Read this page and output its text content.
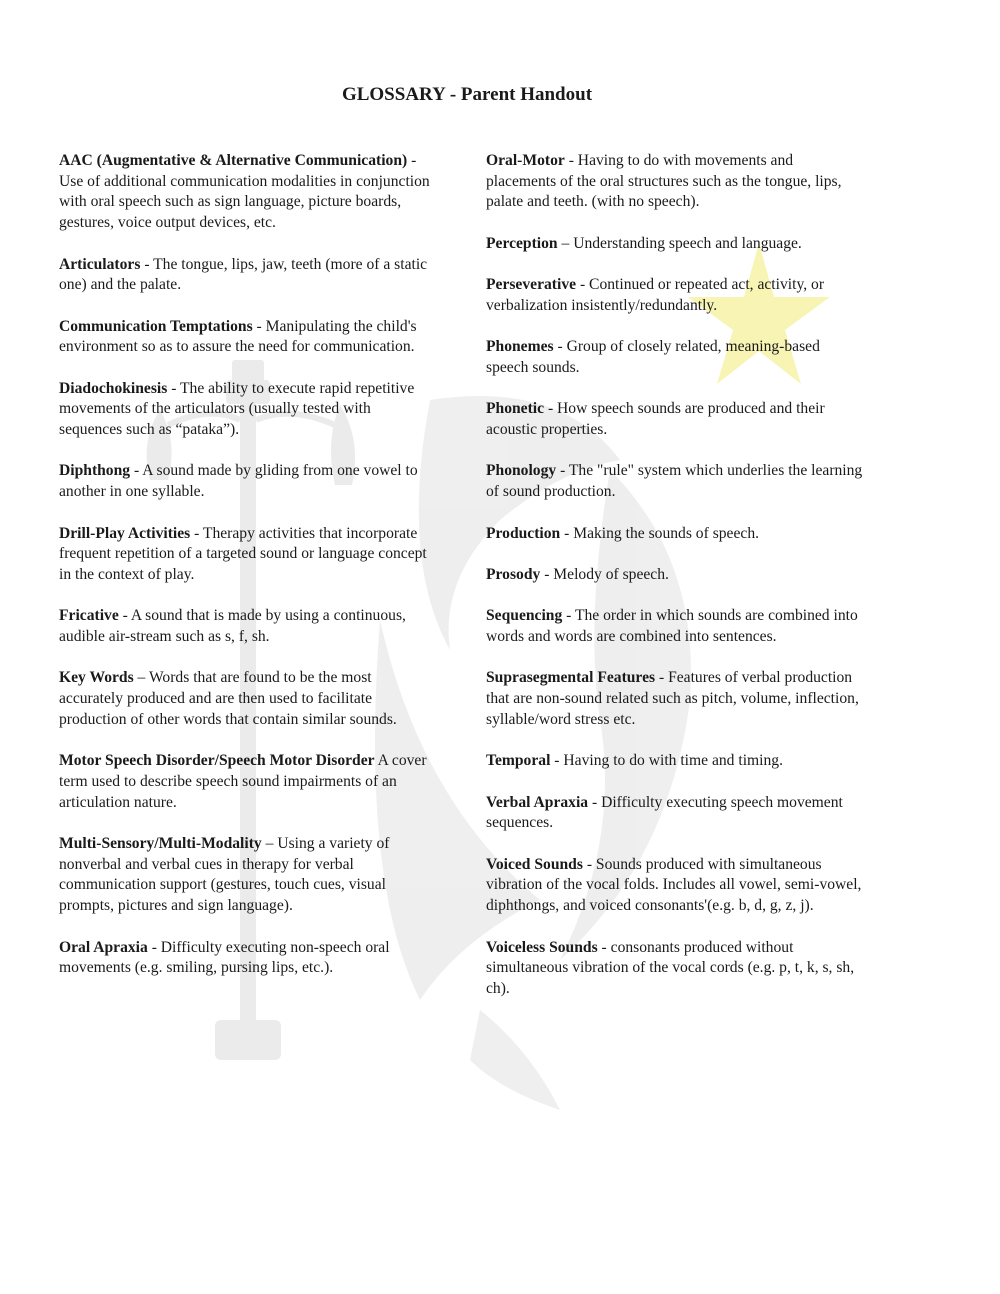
GLOSSARY - Parent Handout

AAC (Augmentative & Alternative Communication) - Use of additional communication modalities in conjunction with oral speech such as sign language, picture boards, gestures, voice output devices, etc.

Articulators - The tongue, lips, jaw, teeth (more of a static one) and the palate.

Communication Temptations - Manipulating the child's environment so as to assure the need for communication.

Diadochokinesis - The ability to execute rapid repetitive movements of the articulators (usually tested with sequences such as “pataka”).

Diphthong - A sound made by gliding from one vowel to another in one syllable.

Drill-Play Activities - Therapy activities that incorporate frequent repetition of a targeted sound or language concept in the context of play.

Fricative - A sound that is made by using a continuous, audible air-stream such as s, f, sh.

Key Words – Words that are found to be the most accurately produced and are then used to facilitate production of other words that contain similar sounds.

Motor Speech Disorder/Speech Motor Disorder A cover term used to describe speech sound impairments of an articulation nature.

Multi-Sensory/Multi-Modality – Using a variety of nonverbal and verbal cues in therapy for verbal communication support (gestures, touch cues, visual prompts, pictures and sign language).

Oral Apraxia - Difficulty executing non-speech oral movements (e.g. smiling, pursing lips, etc.).

Oral-Motor - Having to do with movements and placements of the oral structures such as the tongue, lips, palate and teeth. (with no speech).

Perception – Understanding speech and language.

Perseverative - Continued or repeated act, activity, or verbalization insistently/redundantly.

Phonemes - Group of closely related, meaning-based speech sounds.

Phonetic - How speech sounds are produced and their acoustic properties.

Phonology - The "rule" system which underlies the learning of sound production.

Production - Making the sounds of speech.

Prosody - Melody of speech.

Sequencing - The order in which sounds are combined into words and words are combined into sentences.

Suprasegmental Features - Features of verbal production that are non-sound related such as pitch, volume, inflection, syllable/word stress etc.

Temporal - Having to do with time and timing.

Verbal Apraxia - Difficulty executing speech movement sequences.

Voiced Sounds - Sounds produced with simultaneous vibration of the vocal folds. Includes all vowel, semi-vowel, diphthongs, and voiced consonants'(e.g. b, d, g, z, j).

Voiceless Sounds - consonants produced without simultaneous vibration of the vocal cords (e.g. p, t, k, s, sh, ch).
